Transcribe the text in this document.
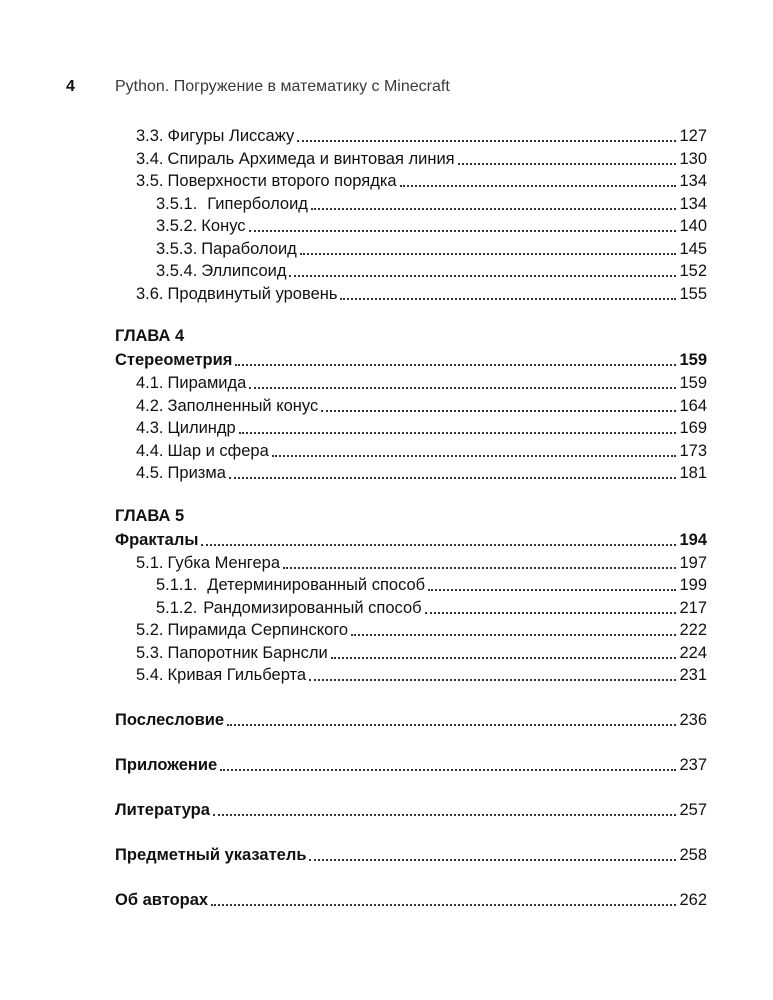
4	Python. Погружение в математику с Minecraft
3.3. Фигуры Лиссажу	127
3.4. Спираль Архимеда и винтовая линия	130
3.5. Поверхности второго порядка	134
3.5.1. Гиперболоид	134
3.5.2. Конус	140
3.5.3. Параболоид	145
3.5.4. Эллипсоид	152
3.6. Продвинутый уровень	155
ГЛАВА 4
Стереометрия	159
4.1. Пирамида	159
4.2. Заполненный конус	164
4.3. Цилиндр	169
4.4. Шар и сфера	173
4.5. Призма	181
ГЛАВА 5
Фракталы	194
5.1. Губка Менгера	197
5.1.1. Детерминированный способ	199
5.1.2. Рандомизированный способ	217
5.2. Пирамида Серпинского	222
5.3. Папоротник Барнсли	224
5.4. Кривая Гильберта	231
Послесловие	236
Приложение	237
Литература	257
Предметный указатель	258
Об авторах	262
